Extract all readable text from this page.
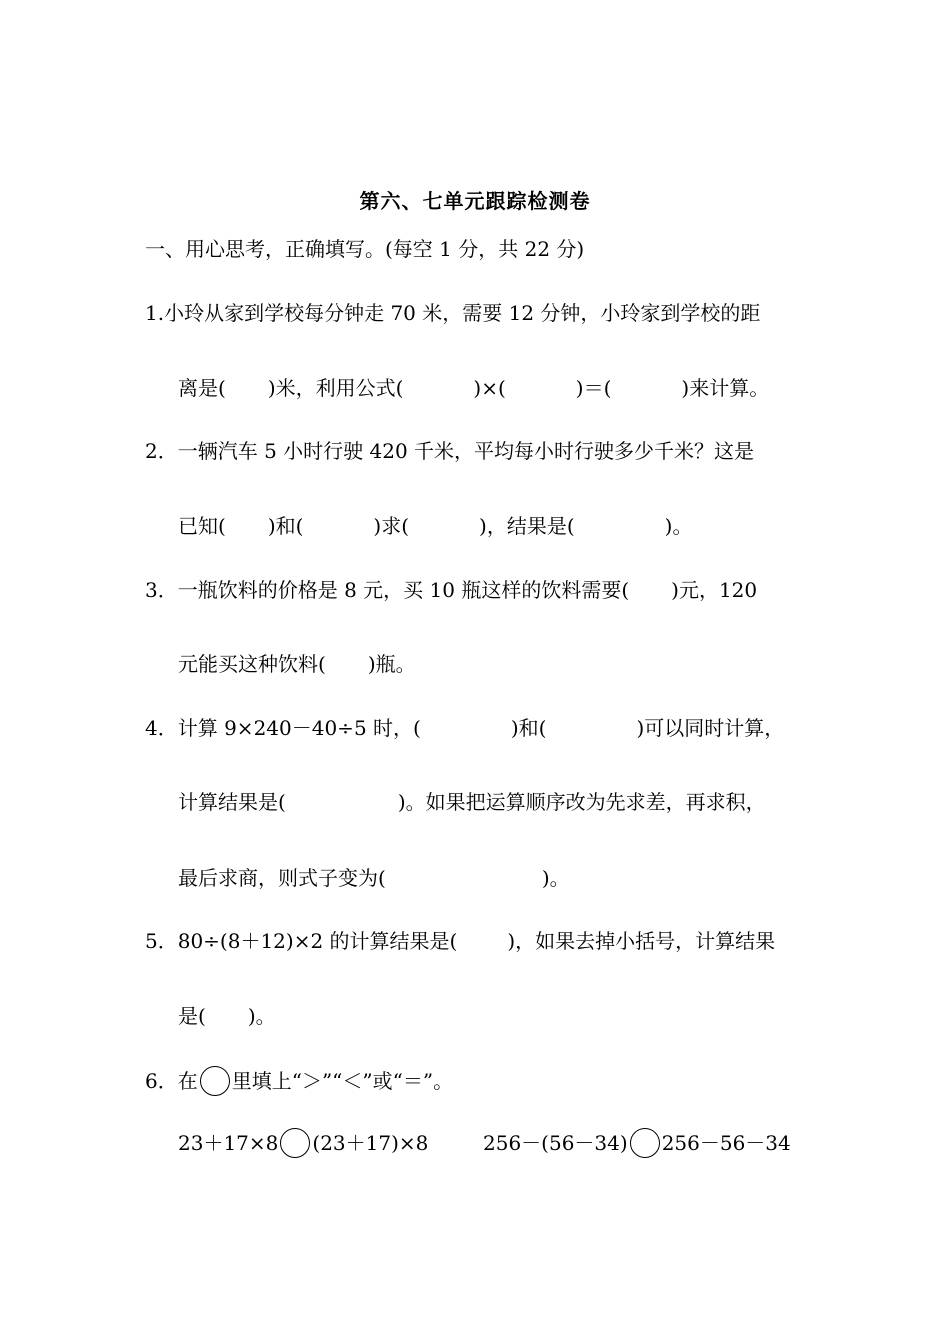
第六、七单元跟踪检测卷
一、用心思考，正确填写。(每空 1 分，共 22 分)
1.小玲从家到学校每分钟走 70 米，需要 12 分钟，小玲家到学校的距
离是( )米，利用公式(	)×(	)＝(	)来计算。
2．一辆汽车 5 小时行驶 420 千米，平均每小时行驶多少千米？这是
已知( )和(	)求(	)，结果是(	)。
3．一瓶饮料的价格是 8 元，买 10 瓶这样的饮料需要( )元，120
元能买这种饮料( )瓶。
4．计算 9×240－40÷5 时，(	)和(	)可以同时计算，
计算结果是(	)。如果把运算顺序改为先求差，再求积，
最后求商，则式子变为(	)。
5．80÷(8＋12)×2 的计算结果是(	)，如果去掉小括号，计算结果
是( )。
6．在 里填上“＞”“＜”或“＝”。
23＋17×8 (23＋17)×8	256－(56－34) 256－56－34
